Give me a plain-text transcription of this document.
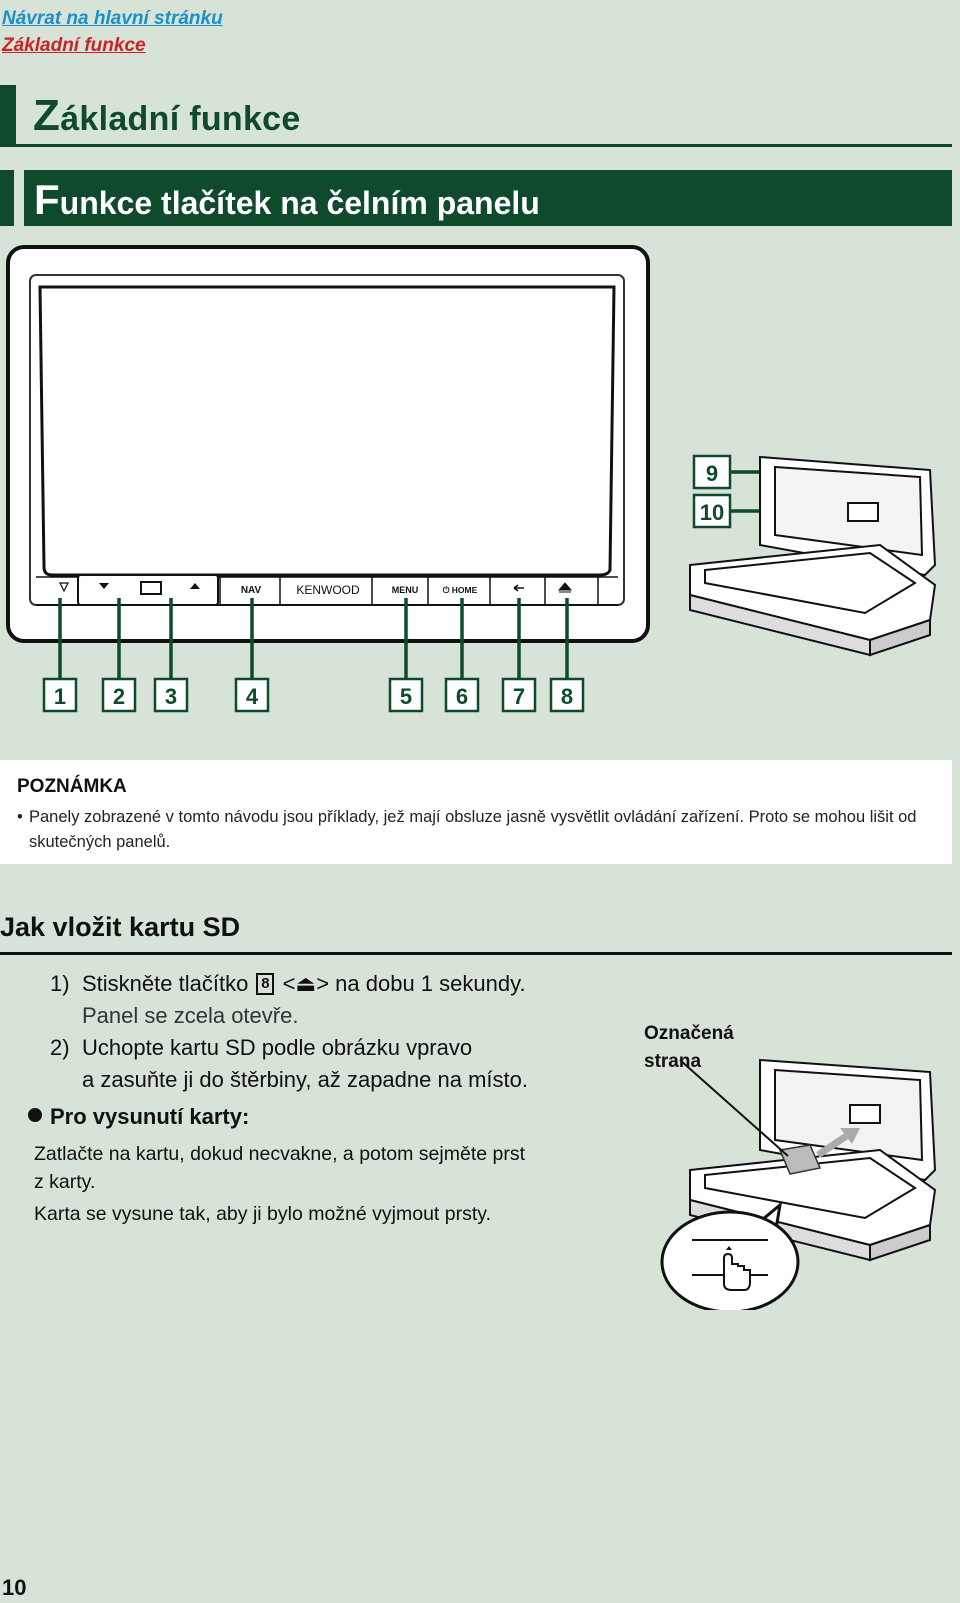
Návrat na hlavní stránku
Základní funkce
Základní funkce
Funkce tlačítek na čelním panelu
NAV	KENWOOD	MENU	⏻ HOME
1 2 3	4	5 6 7 8
9
10
POZNÁMKA
• Panely zobrazené v tomto návodu jsou příklady, jež mají obsluze jasně vysvětlit ovládání zařízení. Proto se mohou lišit od skutečných panelů.
Jak vložit kartu SD
1) Stiskněte tlačítko 8 <⏏> na dobu 1 sekundy.
Panel se zcela otevře.
2) Uchopte kartu SD podle obrázku vpravo
a zasuňte ji do štěrbiny, až zapadne na místo.
Pro vysunutí karty:
Zatlačte na kartu, dokud necvakne, a potom sejměte prst
z karty.
Karta se vysune tak, aby ji bylo možné vyjmout prsty.
Označená
strana
10
